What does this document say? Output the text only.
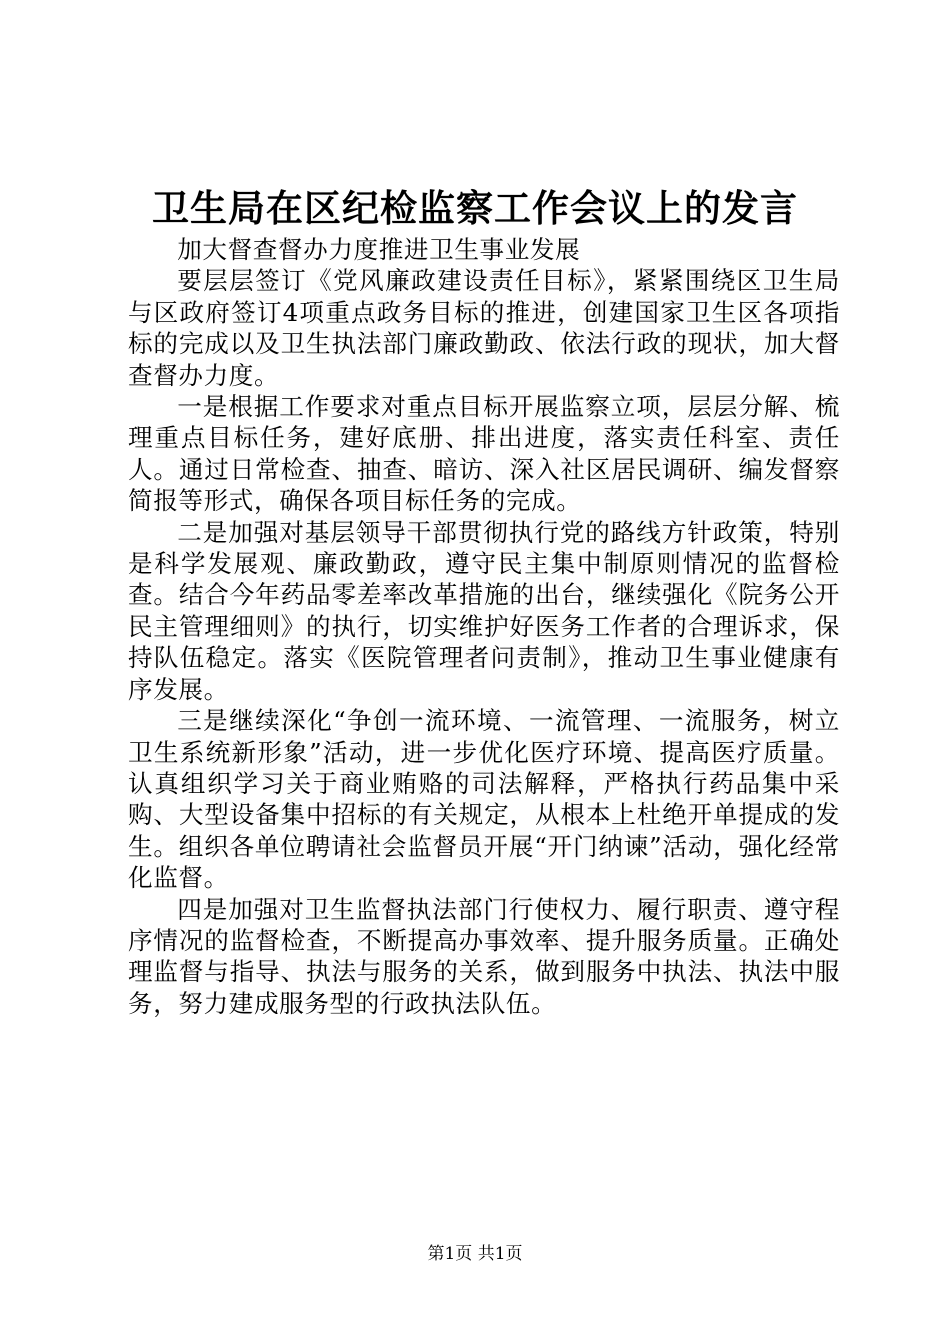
卫生局在区纪检监察工作会议上的发言

加大督查督办力度推进卫生事业发展

要层层签订《党风廉政建设责任目标》，紧紧围绕区卫生局与区政府签订4项重点政务目标的推进，创建国家卫生区各项指标的完成以及卫生执法部门廉政勤政、依法行政的现状，加大督查督办力度。

一是根据工作要求对重点目标开展监察立项，层层分解、梳理重点目标任务，建好底册、排出进度，落实责任科室、责任人。通过日常检查、抽查、暗访、深入社区居民调研、编发督察简报等形式，确保各项目标任务的完成。

二是加强对基层领导干部贯彻执行党的路线方针政策，特别是科学发展观、廉政勤政，遵守民主集中制原则情况的监督检查。结合今年药品零差率改革措施的出台，继续强化《院务公开民主管理细则》的执行，切实维护好医务工作者的合理诉求，保持队伍稳定。落实《医院管理者问责制》，推动卫生事业健康有序发展。

三是继续深化“争创一流环境、一流管理、一流服务，树立卫生系统新形象”活动，进一步优化医疗环境、提高医疗质量。认真组织学习关于商业贿赂的司法解释，严格执行药品集中采购、大型设备集中招标的有关规定，从根本上杜绝开单提成的发生。组织各单位聘请社会监督员开展“开门纳谏”活动，强化经常化监督。

四是加强对卫生监督执法部门行使权力、履行职责、遵守程序情况的监督检查，不断提高办事效率、提升服务质量。正确处理监督与指导、执法与服务的关系，做到服务中执法、执法中服务，努力建成服务型的行政执法队伍。

第1页 共1页
